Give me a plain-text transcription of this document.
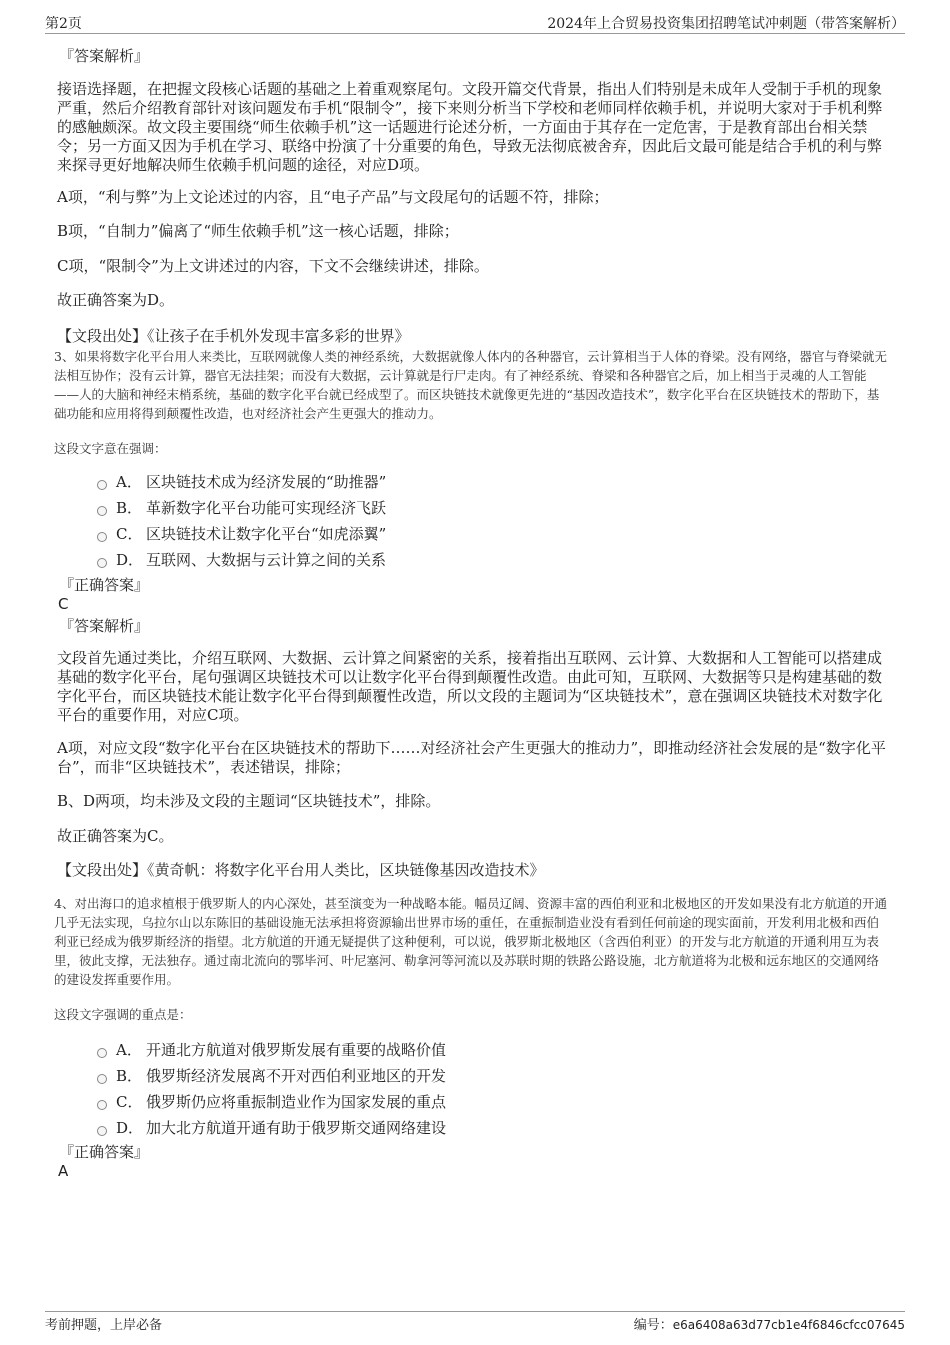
第2页	2024年上合贸易投资集团招聘笔试冲刺题（带答案解析）
『答案解析』

接语选择题，在把握文段核心话题的基础之上着重观察尾句。文段开篇交代背景，指出人们特别是未成年人受制于手机的现象严重，然后介绍教育部针对该问题发布手机“限制令”，接下来则分析当下学校和老师同样依赖手机，并说明大家对于手机利弊的感触颇深。故文段主要围绕“师生依赖手机”这一话题进行论述分析，一方面由于其存在一定危害，于是教育部出台相关禁令；另一方面又因为手机在学习、联络中扮演了十分重要的角色，导致无法彻底被舍弃，因此后文最可能是结合手机的利与弊来探寻更好地解决师生依赖手机问题的途径，对应D项。

A项，“利与弊”为上文论述过的内容，且“电子产品”与文段尾句的话题不符，排除；

B项，“自制力”偏离了“师生依赖手机”这一核心话题，排除；

C项，“限制令”为上文讲述过的内容，下文不会继续讲述，排除。

故正确答案为D。

【文段出处】《让孩子在手机外发现丰富多彩的世界》

3、如果将数字化平台用人来类比，互联网就像人类的神经系统，大数据就像人体内的各种器官，云计算相当于人体的脊梁。没有网络，器官与脊梁就无法相互协作；没有云计算，器官无法挂架；而没有大数据，云计算就是行尸走肉。有了神经系统、脊梁和各种器官之后，加上相当于灵魂的人工智能——人的大脑和神经末梢系统，基础的数字化平台就已经成型了。而区块链技术就像更先进的“基因改造技术”，数字化平台在区块链技术的帮助下，基础功能和应用将得到颠覆性改造，也对经济社会产生更强大的推动力。

这段文字意在强调：

A． 区块链技术成为经济发展的“助推器”
B． 革新数字化平台功能可实现经济飞跃
C． 区块链技术让数字化平台“如虎添翼”
D． 互联网、大数据与云计算之间的关系
『正确答案』
C
『答案解析』

文段首先通过类比，介绍互联网、大数据、云计算之间紧密的关系，接着指出互联网、云计算、大数据和人工智能可以搭建成基础的数字化平台，尾句强调区块链技术可以让数字化平台得到颠覆性改造。由此可知，互联网、大数据等只是构建基础的数字化平台，而区块链技术能让数字化平台得到颠覆性改造，所以文段的主题词为“区块链技术”，意在强调区块链技术对数字化平台的重要作用，对应C项。

A项，对应文段“数字化平台在区块链技术的帮助下……对经济社会产生更强大的推动力”，即推动经济社会发展的是“数字化平台”，而非“区块链技术”，表述错误，排除；

B、D两项，均未涉及文段的主题词“区块链技术”，排除。

故正确答案为C。

【文段出处】《黄奇帆：将数字化平台用人类比，区块链像基因改造技术》

4、对出海口的追求植根于俄罗斯人的内心深处，甚至演变为一种战略本能。幅员辽阔、资源丰富的西伯利亚和北极地区的开发如果没有北方航道的开通几乎无法实现，乌拉尔山以东陈旧的基础设施无法承担将资源输出世界市场的重任，在重振制造业没有看到任何前途的现实面前，开发利用北极和西伯利亚已经成为俄罗斯经济的指望。北方航道的开通无疑提供了这种便利，可以说，俄罗斯北极地区（含西伯利亚）的开发与北方航道的开通利用互为表里，彼此支撑，无法独存。通过南北流向的鄂毕河、叶尼塞河、勒拿河等河流以及苏联时期的铁路公路设施，北方航道将为北极和远东地区的交通网络的建设发挥重要作用。

这段文字强调的重点是：

A． 开通北方航道对俄罗斯发展有重要的战略价值
B． 俄罗斯经济发展离不开对西伯利亚地区的开发
C． 俄罗斯仍应将重振制造业作为国家发展的重点
D． 加大北方航道开通有助于俄罗斯交通网络建设
『正确答案』
A
考前押题，上岸必备	编号：e6a6408a63d77cb1e4f6846cfcc07645
